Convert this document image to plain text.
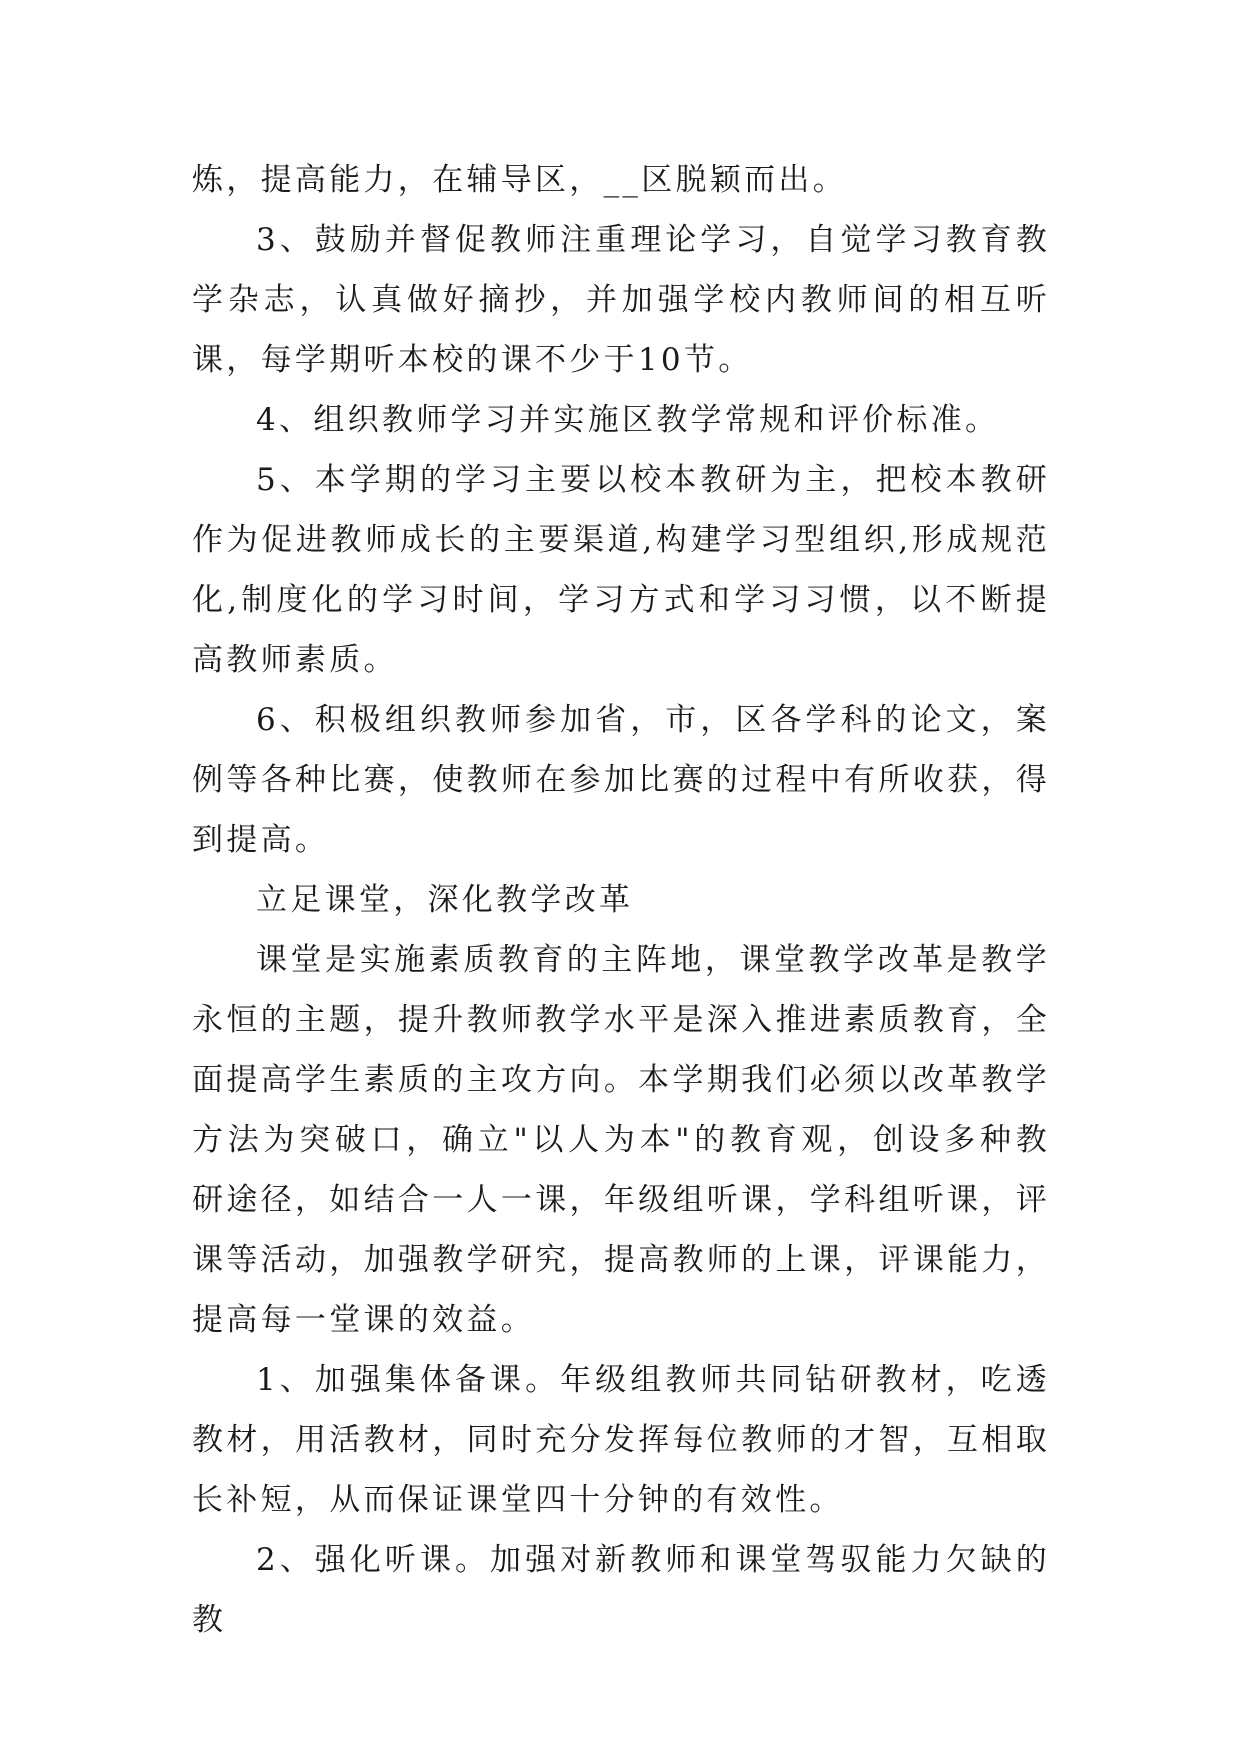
炼，提高能力，在辅导区，__区脱颖而出。

3、鼓励并督促教师注重理论学习，自觉学习教育教学杂志，认真做好摘抄，并加强学校内教师间的相互听课，每学期听本校的课不少于10节。

4、组织教师学习并实施区教学常规和评价标准。

5、本学期的学习主要以校本教研为主，把校本教研作为促进教师成长的主要渠道,构建学习型组织,形成规范化,制度化的学习时间，学习方式和学习习惯，以不断提高教师素质。

6、积极组织教师参加省，市，区各学科的论文，案例等各种比赛，使教师在参加比赛的过程中有所收获，得到提高。

立足课堂，深化教学改革

课堂是实施素质教育的主阵地，课堂教学改革是教学永恒的主题，提升教师教学水平是深入推进素质教育，全面提高学生素质的主攻方向。本学期我们必须以改革教学方法为突破口，确立"以人为本"的教育观，创设多种教研途径，如结合一人一课，年级组听课，学科组听课，评课等活动，加强教学研究，提高教师的上课，评课能力，提高每一堂课的效益。

1、加强集体备课。年级组教师共同钻研教材，吃透教材，用活教材，同时充分发挥每位教师的才智，互相取长补短，从而保证课堂四十分钟的有效性。

2、强化听课。加强对新教师和课堂驾驭能力欠缺的教
